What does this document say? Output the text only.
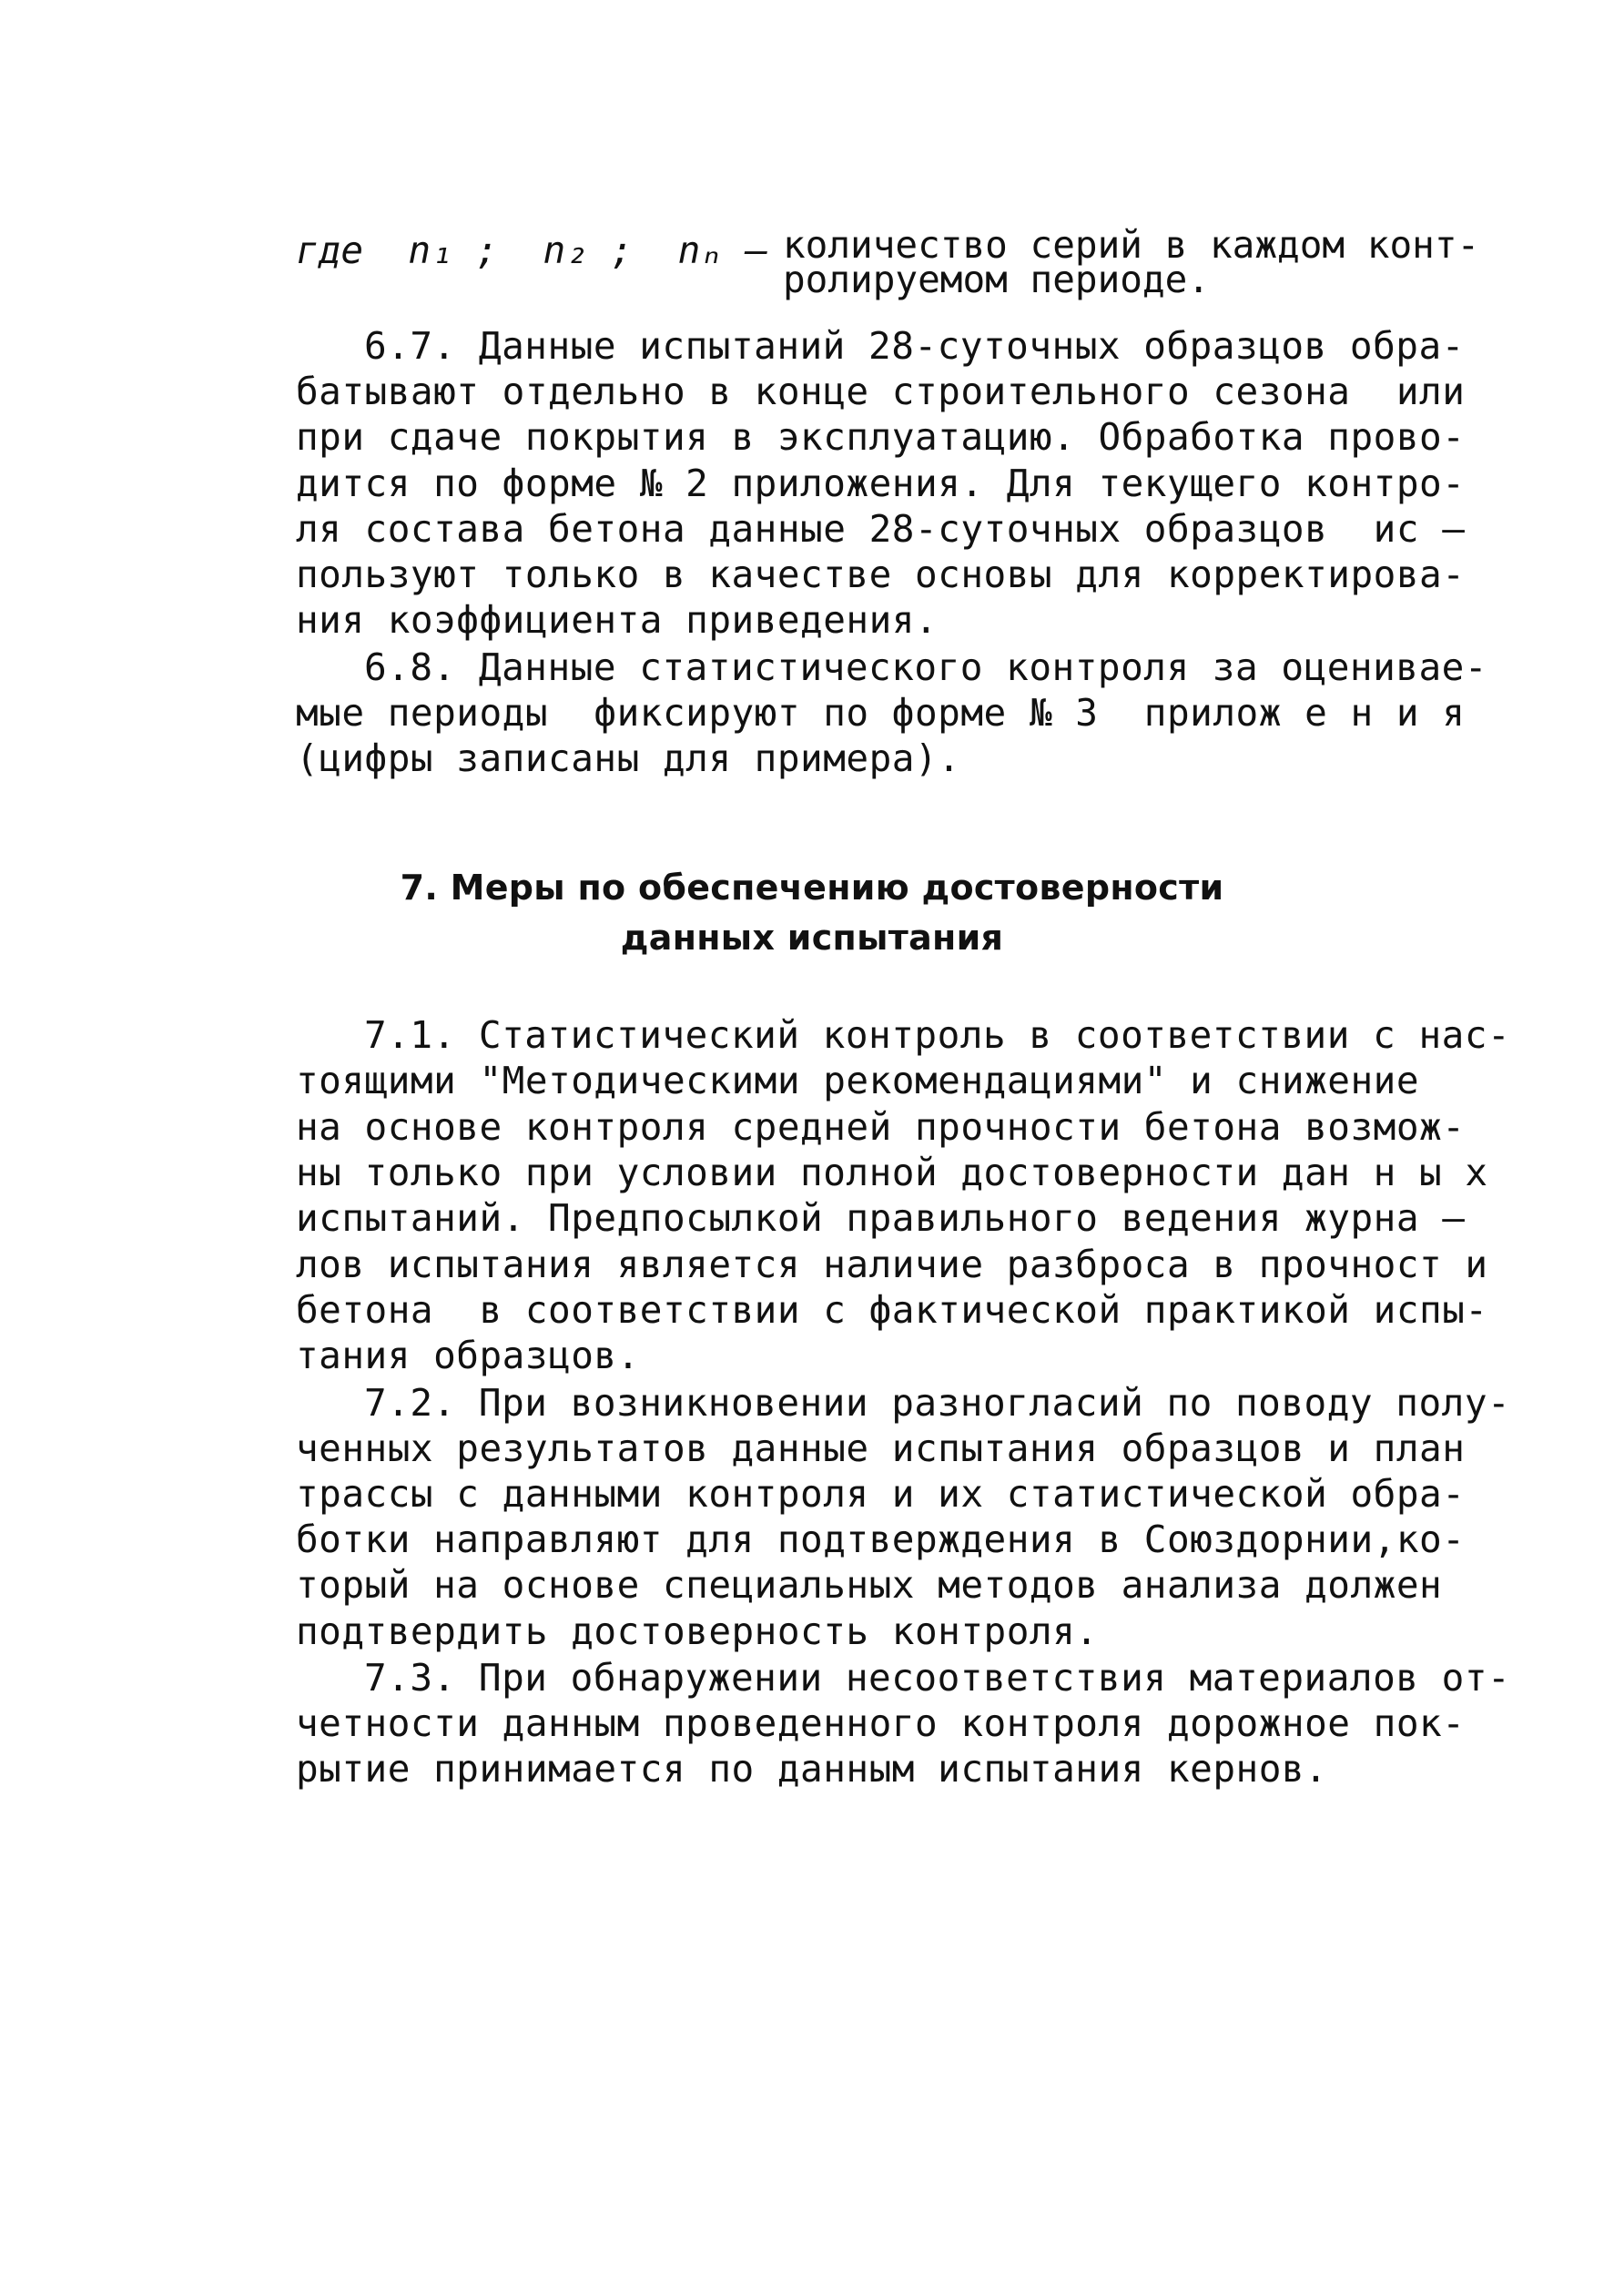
где  n₁ ;  n₂ ;  nₙ – количество серий в каждом конт-
ролируемом периоде.
6.7. Данные испытаний 28-суточных образцов обра-
батывают отдельно в конце строительного сезона  или
при сдаче покрытия в эксплуатацию. Обработка прово-
дится по форме № 2 приложения. Для текущего контро-
ля состава бетона данные 28-суточных образцов  ис –
пользуют только в качестве основы для корректирова-
ния коэффициента приведения.
6.8. Данные статистического контроля за оценивае-
мые периоды  фиксируют по форме № 3  прилож е н и я
(цифры записаны для примера).
7. Меры по обеспечению достоверности
данных испытания
7.1. Статистический контроль в соответствии с нас-
тоящими "Методическими рекомендациями" и снижение
на основе контроля средней прочности бетона возмож-
ны только при условии полной достоверности дан н ы х
испытаний. Предпосылкой правильного ведения журна –
лов испытания является наличие разброса в прочност и
бетона  в соответствии с фактической практикой испы-
тания образцов.
7.2. При возникновении разногласий по поводу полу-
ченных результатов данные испытания образцов и план
трассы с данными контроля и их статистической обра-
ботки направляют для подтверждения в Союздорнии,ко-
торый на основе специальных методов анализа должен
подтвердить достоверность контроля.
7.3. При обнаружении несоответствия материалов от-
четности данным проведенного контроля дорожное пок-
рытие принимается по данным испытания кернов.
